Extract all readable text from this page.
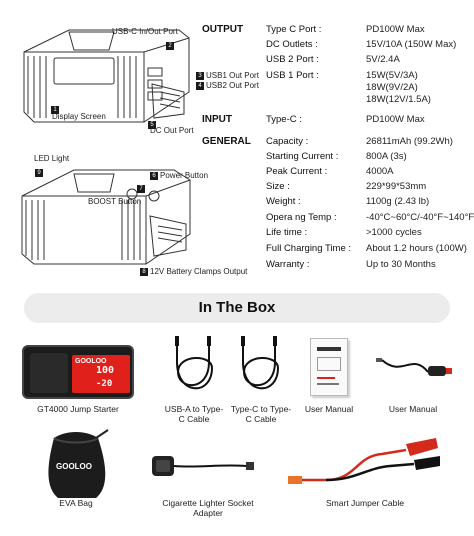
USB-C In/Out Port
2
3 USB1 Out Port
4 USB2 Out Port
5
DC Out Port
1
Display Screen
9
LED Light
6 Power Button
7
BOOST Button
8 12V Battery Clamps Output
OUTPUT
INPUT
GENERAL
Type C Port :	PD100W Max
DC Outlets :	15V/10A (150W Max)
USB 2 Port :	5V/2.4A
USB 1 Port :	15W(5V/3A)
18W(9V/2A)
18W(12V/1.5A)
Type-C :	PD100W Max
Capacity :	26811mAh (99.2Wh)
Starting Current :	800A (3s)
Peak Current :	4000A
Size :	229*99*53mm
Weight :	1100g (2.43 lb)
Opera ng Temp :	-40°C~60°C/-40°F~140°F
Life time :	>1000 cycles
Full Charging Time : About 1.2 hours (100W)
Warranty :	Up to 30 Months
In The Box
GOOLOO
100
-20
GT4000 Jump Starter	USB-A to Type-C Cable
Type-C to Type-C Cable
User Manual	User Manual
GOOLOO
EVA Bag	Cigarette Lighter Socket Adapter
Smart Jumper Cable
